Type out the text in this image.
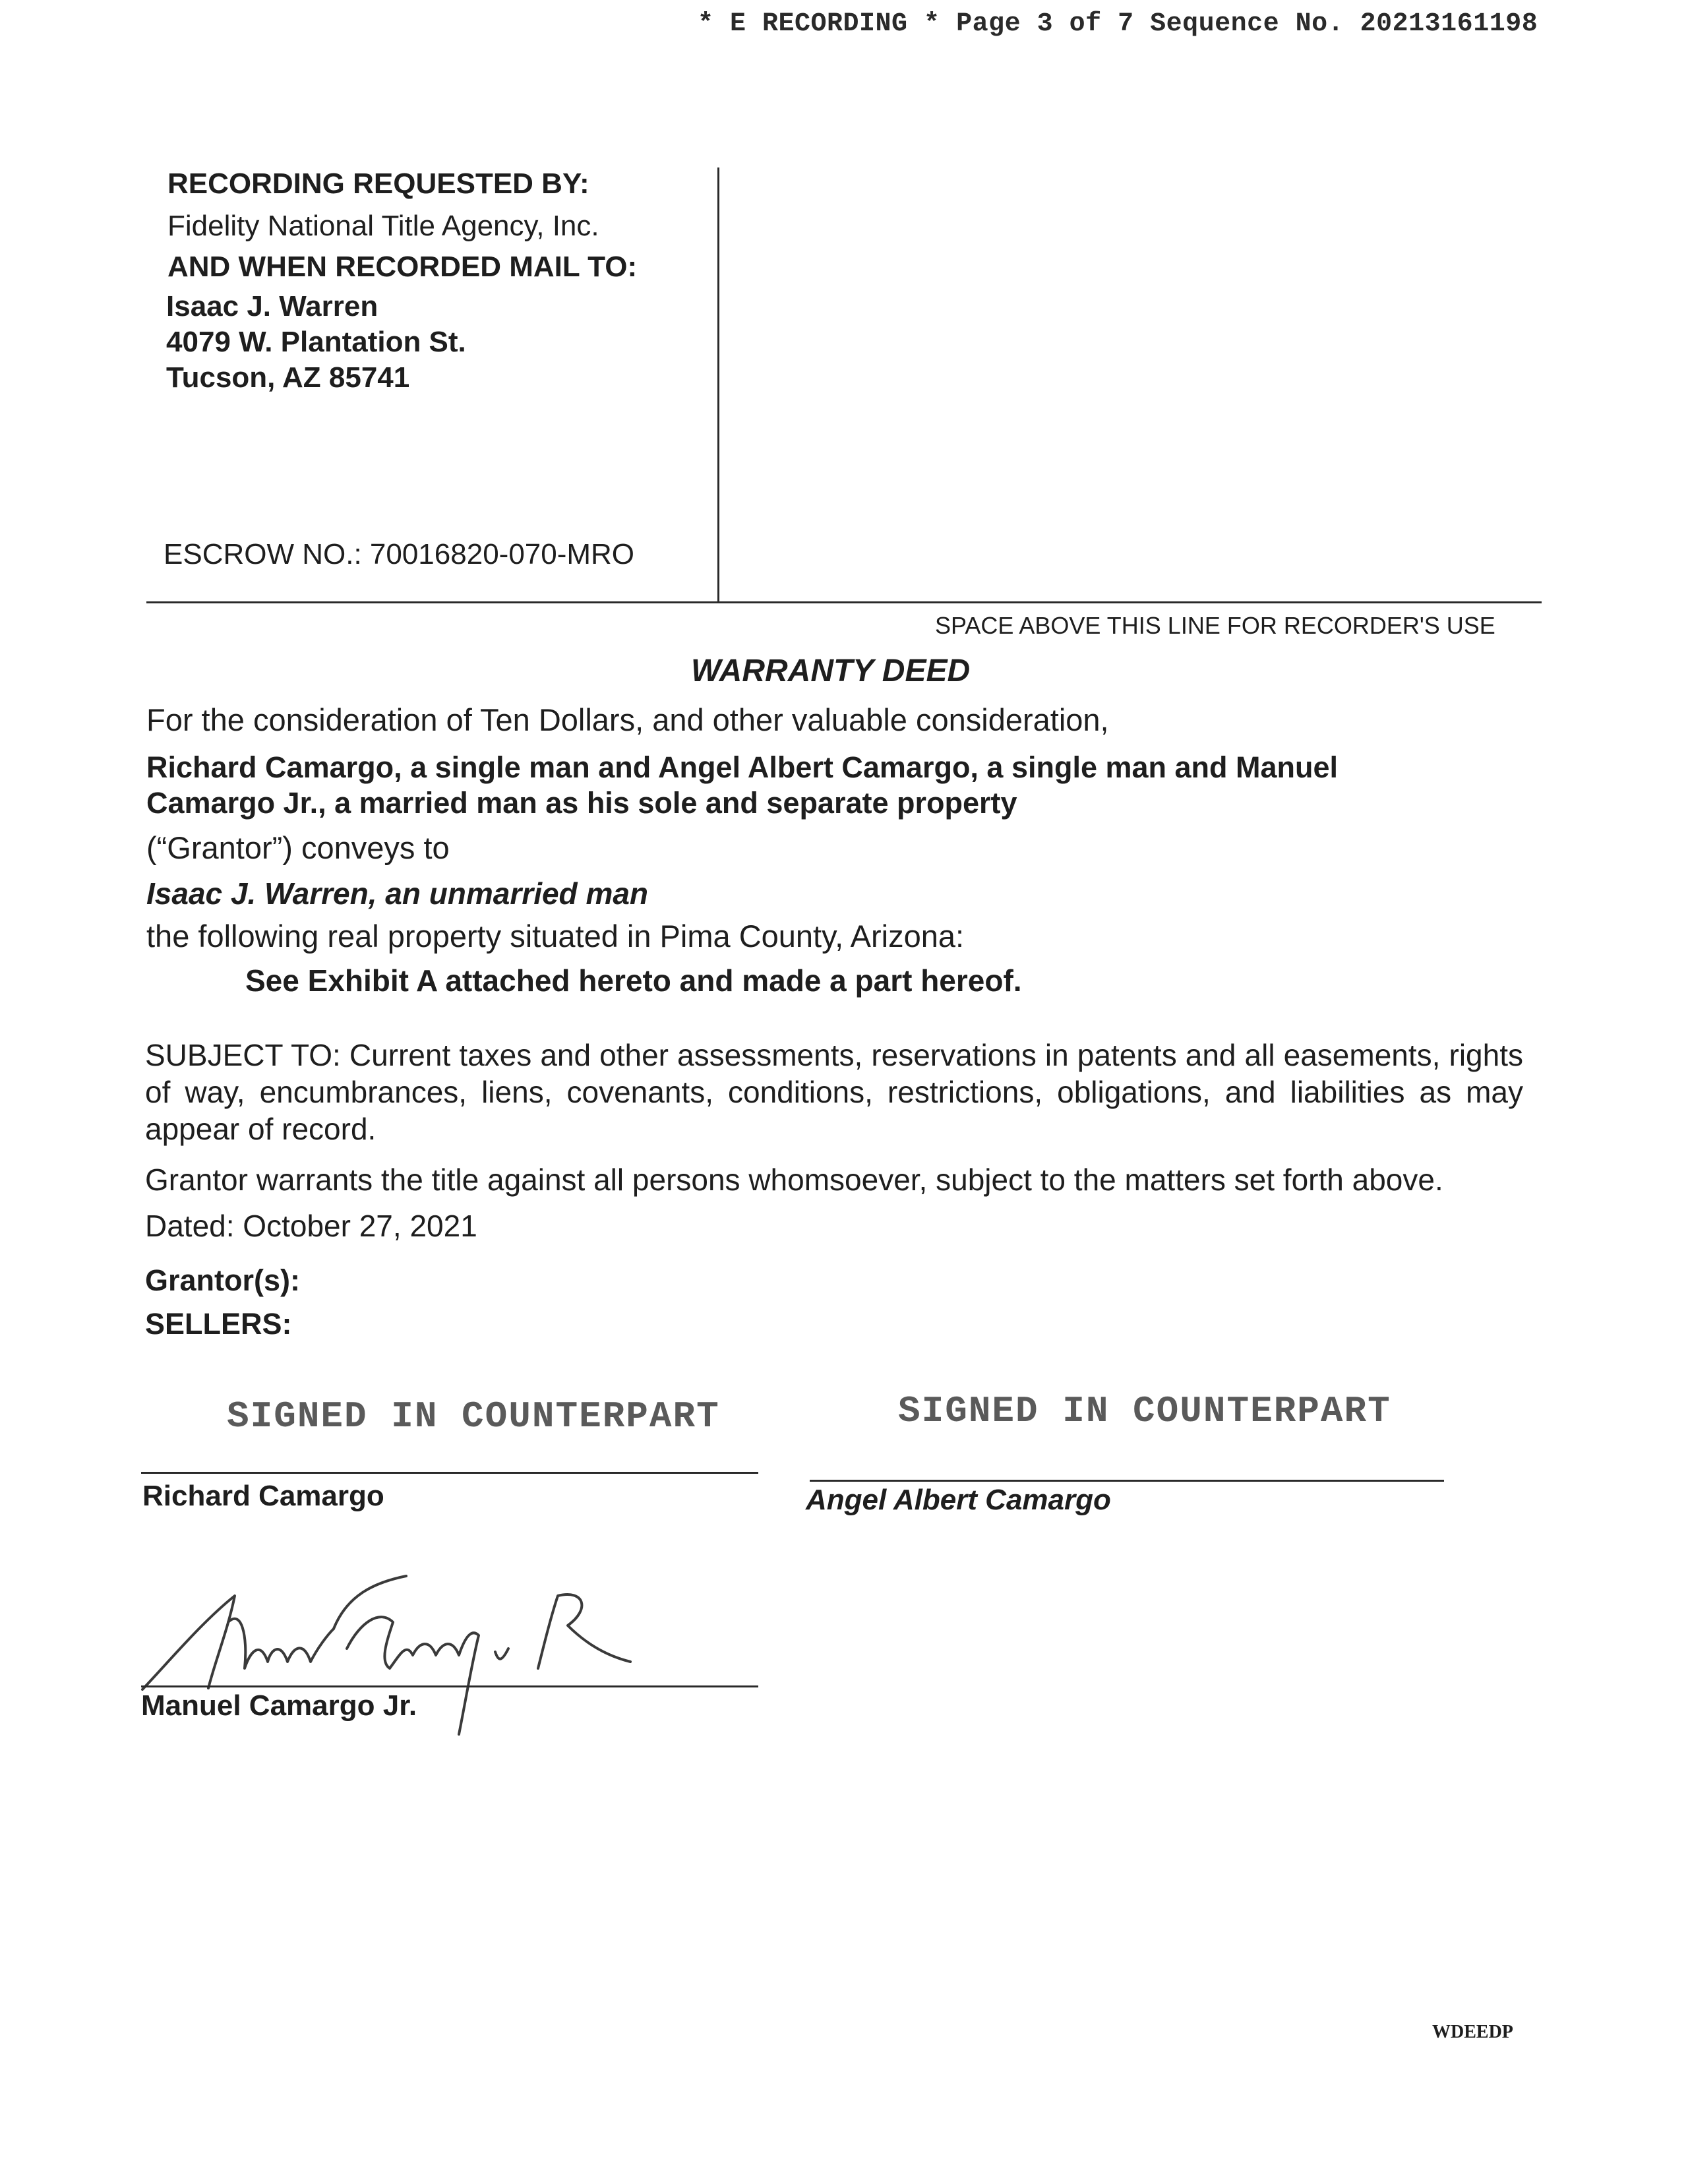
* E RECORDING * Page 3 of 7 Sequence No. 20213161198
RECORDING REQUESTED BY:
Fidelity National Title Agency, Inc.
AND WHEN RECORDED MAIL TO:
Isaac J. Warren
4079 W. Plantation St.
Tucson, AZ 85741
ESCROW NO.: 70016820-070-MRO
SPACE ABOVE THIS LINE FOR RECORDER'S USE
WARRANTY DEED
For the consideration of Ten Dollars, and other valuable consideration,
Richard Camargo, a single man and Angel Albert Camargo, a single man and Manuel
Camargo Jr., a married man as his sole and separate property
(“Grantor”) conveys to
Isaac J. Warren, an unmarried man
the following real property situated in Pima County, Arizona:
See Exhibit A attached hereto and made a part hereof.
SUBJECT TO: Current taxes and other assessments, reservations in patents and all easements, rights of way, encumbrances, liens, covenants, conditions, restrictions, obligations, and liabilities as may appear of record.
Grantor warrants the title against all persons whomsoever, subject to the matters set forth above.
Dated: October 27, 2021
Grantor(s):
SELLERS:
SIGNED IN COUNTERPART	SIGNED IN COUNTERPART
Richard Camargo	Angel Albert Camargo
Manuel Camargo Jr.
WDEEDP
